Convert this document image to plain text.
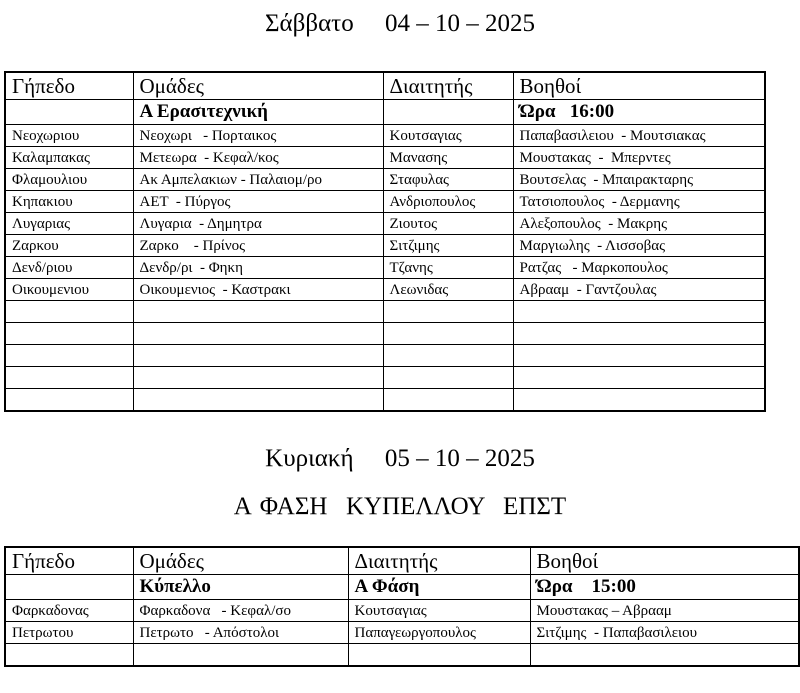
Σάββατο     04 – 10 – 2025
Γήπεδο	Ομάδες	Διαιτητής	Βοηθοί
	Α Ερασιτεχνική		Ώρα   16:00
Νεοχωριου	Νεοχωρι   - Πορταικος	Κουτσαγιας	Παπαβασιλειου  - Μουτσιακας
Καλαμπακας	Μετεωρα  - Κεφαλ/κος	Μανασης	Μουστακας  -  Μπερντες
Φλαμουλιου	Ακ Αμπελακιων - Παλαιομ/ρο	Σταφυλας	Βουτσελας  - Μπαιρακταρης
Κηπακιου	ΑΕΤ  - Πύργος	Ανδριοπουλος	Τατσιοπουλος  - Δερμανης
Λυγαριας	Λυγαρια  - Δημητρα	Ζιουτος	Αλεξοπουλος  - Μακρης
Ζαρκου	Ζαρκο    - Πρίνος	Σιτζιμης	Μαργιωλης  - Λισσοβας
Δενδ/ριου	Δενδρ/ρι  - Φηκη	Τζανης	Ρατζας   - Μαρκοπουλος
Οικουμενιου	Οικουμενιος  - Καστρακι	Λεωνιδας	Αβρααμ  - Γαντζουλας

Κυριακή     05 – 10 – 2025
Α ΦΑΣΗ  ΚΥΠΕΛΛΟΥ  ΕΠΣΤ
Γήπεδο	Ομάδες	Διαιτητής	Βοηθοί
	Κύπελλο	Α Φάση	Ώρα    15:00
Φαρκαδονας	Φαρκαδονα   - Κεφαλ/σο	Κουτσαγιας	Μουστακας – Αβρααμ
Πετρωτου	Πετρωτο   - Απόστολοι	Παπαγεωργοπουλος	Σιτζιμης  - Παπαβασιλειου
